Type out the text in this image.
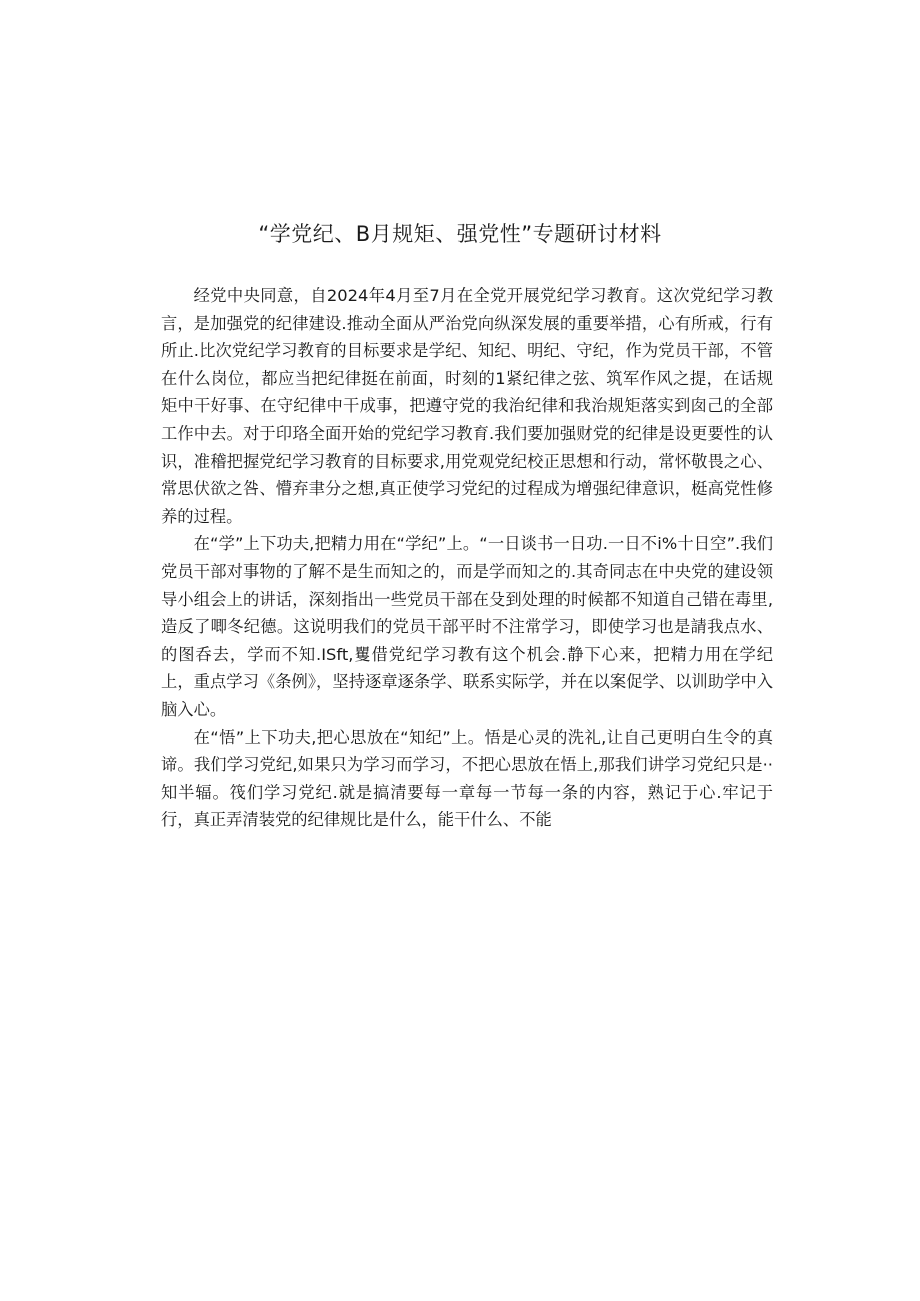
“学党纪、B月规矩、强党性”专题研讨材料

经党中央同意，自2024年4月至7月在全党开展党纪学习教育。这次党纪学习教言，是加强党的纪律建设.推动全面从严治党向纵深发展的重要举措，心有所戒，行有所止.比次党纪学习教育的目标要求是学纪、知纪、明纪、守纪，作为党员干部，不管在什么岗位，都应当把纪律挺在前面，时刻的1紧纪律之弦、筑军作风之提，在话规矩中干好事、在守纪律中干成事，把遵守党的我治纪律和我治规矩落实到囱己的全部工作中去。对于印珞全面开始的党纪学习教育.我们要加强财党的纪律是设更要性的认识，准稽把握党纪学习教育的目标要求,用党观党纪校正思想和行动，常怀敬畏之心、常思伏欲之咎、懵弃聿分之想,真正使学习党纪的过程成为增强纪律意识，梃高党性修养的过程。

在“学”上下功夫,把精力用在“学纪”上。“一日谈书一日功.一日不i%十日空”.我们党员干部对事物的了解不是生而知之的，而是学而知之的.其奇同志在中央党的建设领导小组会上的讲话，深刻指出一些党员干部在殳到处理的时候都不知道自己错在毒里,造反了唧冬纪德。这说明我们的党员干部平时不注常学习，即使学习也是請我点水、的图呑去，学而不知.ISft,矍借党纪学习教有这个机会.静下心来，把精力用在学纪上，重点学习《条例》，坚持逐章逐条学、联系实际学，并在以案促学、以训助学中入脑入心。

在“悟”上下功夫,把心思放在“知纪”上。悟是心灵的洗礼,让自己更明白生令的真谛。我们学习党纪,如果只为学习而学习，不把心思放在悟上,那我们讲学习党纪只是··知半辐。筏们学习党纪.就是搞清要每一章每一节每一条的内容，熟记于心.牢记于行，真正弄清装党的纪律规比是什么，能干什么、不能
